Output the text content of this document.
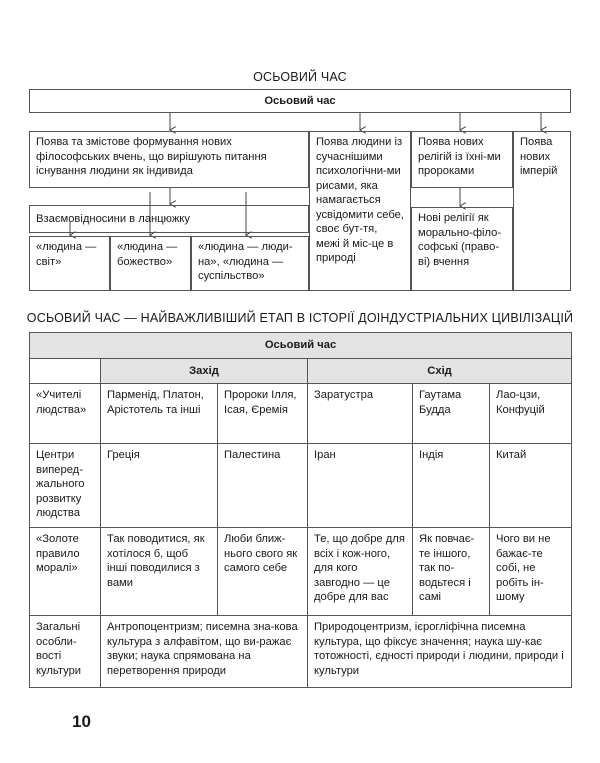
ОСЬОВИЙ ЧАС
Осьовий час
Поява та змістове формування нових філософських вчень, що вирішують питання існування людини як індивида
Поява людини із сучаснішими психологічни-ми рисами, яка намагається усвідомити себе, своє бут-тя, межі й міс-це в природі
Поява нових релігій із їхні-ми пророками
Поява нових імперій
Взаємовідносини в ланцюжку
«людина — світ»
«людина — божество»
«людина — люди-на», «людина — суспільство»
Нові релігії як морально-філо-софські (право-ві) вчення
ОСЬОВИЙ ЧАС — НАЙВАЖЛИВІШИЙ ЕТАП В ІСТОРІЇ ДОІНДУСТРІАЛЬНИХ ЦИВІЛІЗАЦІЙ
Осьовий час					
	Захід		Схід		
«Учителі людства»	Парменід, Платон, Арістотель та інші	Пророки Ілля, Ісая, Єремія	Заратустра	Гаутама Будда	Лао-цзи, Конфуцій
Центри виперед-жального розвитку людства	Греція	Палестина	Іран	Індія	Китай
«Золоте правило моралі»	Так поводитися, як хотілося б, щоб інші поводилися з вами	Люби ближ-нього свого як самого себе	Те, що добре для всіх і кож-ного, для кого завгодно — це добре для вас	Як повчає-те іншого, так по-водьтеся і самі	Чого ви не бажає-те собі, не робіть ін-шому
Загальні особли-вості культури	Антропоцентризм; писемна зна-кова культура з алфавітом, що ви-ражає звуки; наука спрямована на перетворення природи		Природоцентризм, ієрогліфічна писемна культура, що фіксує значення; наука шу-кає тотожності, єдності природи і людини, природи і культури		
10
